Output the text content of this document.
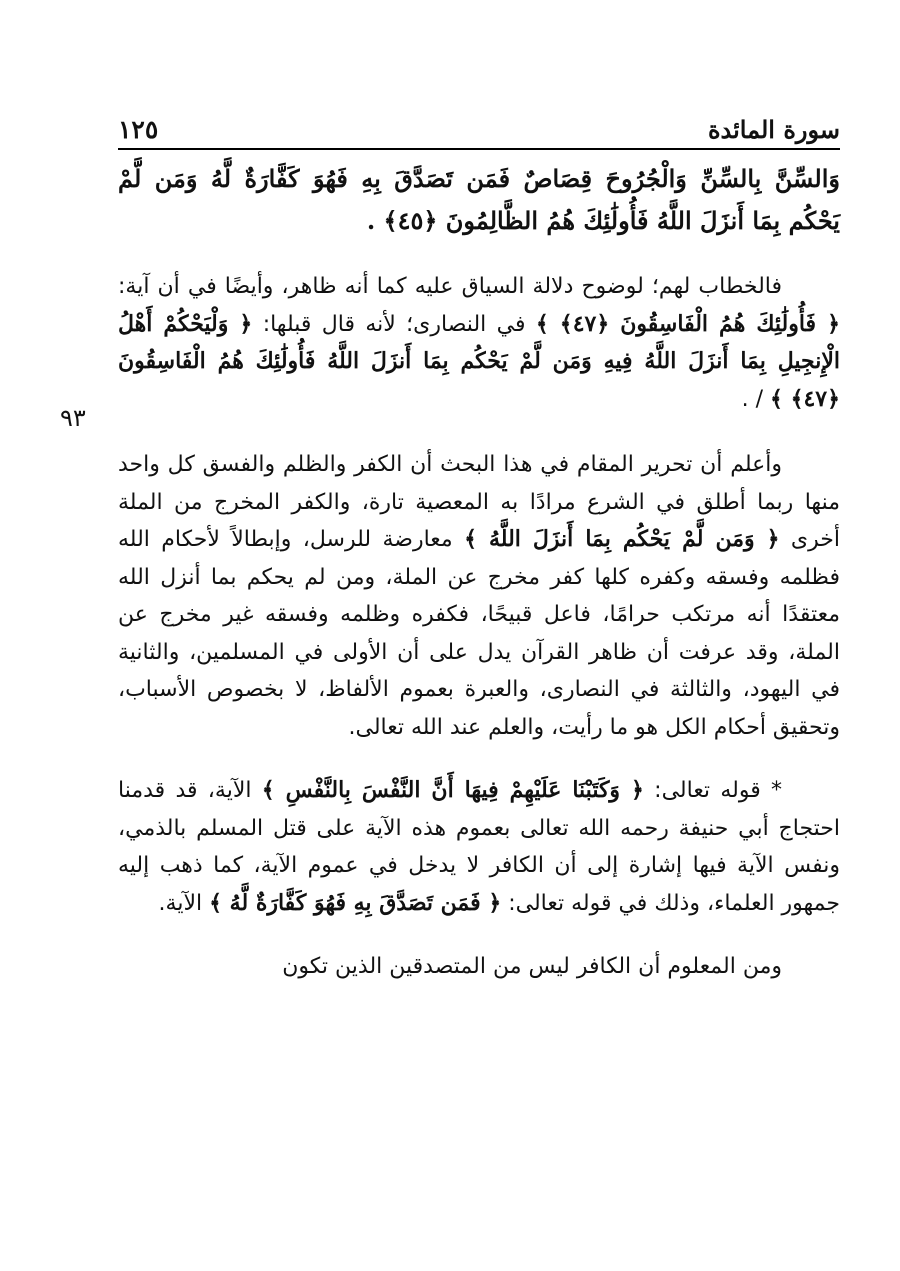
سورة المائدة
١٢٥

وَالسِّنَّ بِالسِّنِّ وَالْجُرُوحَ قِصَاصٌ فَمَن تَصَدَّقَ بِهِ فَهُوَ كَفَّارَةٌ لَّهُ وَمَن لَّمْ يَحْكُم بِمَا أَنزَلَ اللَّهُ فَأُولَٰئِكَ هُمُ الظَّالِمُونَ ﴿٤٥﴾ .

فالخطاب لهم؛ لوضوح دلالة السياق عليه كما أنه ظاهر، وأيضًا في أن آية: ﴿ فَأُولَٰئِكَ هُمُ الْفَاسِقُونَ ﴿٤٧﴾ ﴾ في النصارى؛ لأنه قال قبلها: ﴿ وَلْيَحْكُمْ أَهْلُ الْإِنجِيلِ بِمَا أَنزَلَ اللَّهُ فِيهِ وَمَن لَّمْ يَحْكُم بِمَا أَنزَلَ اللَّهُ فَأُولَٰئِكَ هُمُ الْفَاسِقُونَ ﴿٤٧﴾ ﴾ / .

وأعلم أن تحرير المقام في هذا البحث أن الكفر والظلم والفسق كل واحد منها ربما أطلق في الشرع مرادًا به المعصية تارة، والكفر المخرج من الملة أخرى ﴿ وَمَن لَّمْ يَحْكُم بِمَا أَنزَلَ اللَّهُ ﴾ معارضة للرسل، وإبطالاً لأحكام الله فظلمه وفسقه وكفره كلها كفر مخرج عن الملة، ومن لم يحكم بما أنزل الله معتقدًا أنه مرتكب حرامًا، فاعل قبيحًا، فكفره وظلمه وفسقه غير مخرج عن الملة، وقد عرفت أن ظاهر القرآن يدل على أن الأولى في المسلمين، والثانية في اليهود، والثالثة في النصارى، والعبرة بعموم الألفاظ، لا بخصوص الأسباب، وتحقيق أحكام الكل هو ما رأيت، والعلم عند الله تعالى.

* قوله تعالى: ﴿ وَكَتَبْنَا عَلَيْهِمْ فِيهَا أَنَّ النَّفْسَ بِالنَّفْسِ ﴾ الآية، قد قدمنا احتجاج أبي حنيفة رحمه الله تعالى بعموم هذه الآية على قتل المسلم بالذمي، ونفس الآية فيها إشارة إلى أن الكافر لا يدخل في عموم الآية، كما ذهب إليه جمهور العلماء، وذلك في قوله تعالى: ﴿ فَمَن تَصَدَّقَ بِهِ فَهُوَ كَفَّارَةٌ لَّهُ ﴾ الآية.

ومن المعلوم أن الكافر ليس من المتصدقين الذين تكون

٩٣
